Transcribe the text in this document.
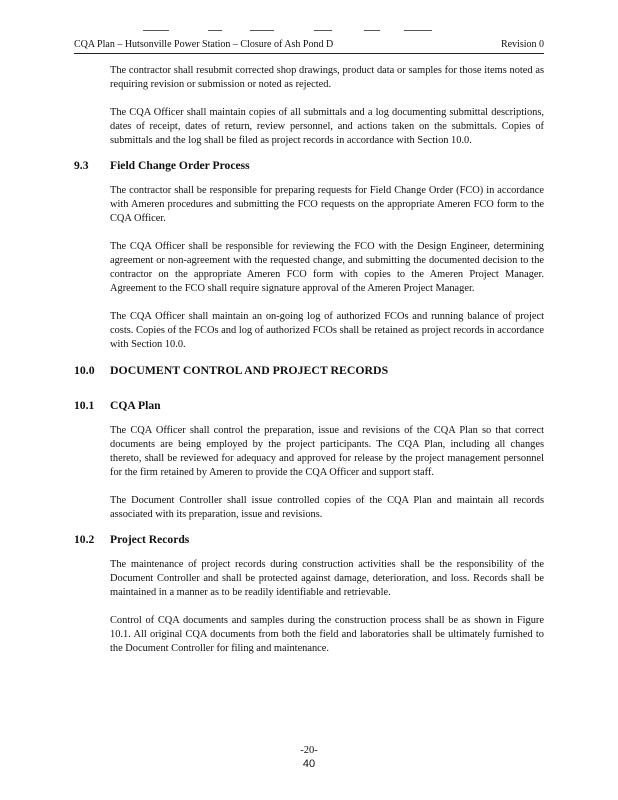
CQA Plan – Hutsonville Power Station – Closure of Ash Pond D	Revision 0

The contractor shall resubmit corrected shop drawings, product data or samples for those items noted as requiring revision or submission or noted as rejected.

The CQA Officer shall maintain copies of all submittals and a log documenting submittal descriptions, dates of receipt, dates of return, review personnel, and actions taken on the submittals. Copies of submittals and the log shall be filed as project records in accordance with Section 10.0.

9.3	Field Change Order Process

The contractor shall be responsible for preparing requests for Field Change Order (FCO) in accordance with Ameren procedures and submitting the FCO requests on the appropriate Ameren FCO form to the CQA Officer.

The CQA Officer shall be responsible for reviewing the FCO with the Design Engineer, determining agreement or non-agreement with the requested change, and submitting the documented decision to the contractor on the appropriate Ameren FCO form with copies to the Ameren Project Manager. Agreement to the FCO shall require signature approval of the Ameren Project Manager.

The CQA Officer shall maintain an on-going log of authorized FCOs and running balance of project costs. Copies of the FCOs and log of authorized FCOs shall be retained as project records in accordance with Section 10.0.

10.0	DOCUMENT CONTROL AND PROJECT RECORDS
10.1	CQA Plan

The CQA Officer shall control the preparation, issue and revisions of the CQA Plan so that correct documents are being employed by the project participants. The CQA Plan, including all changes thereto, shall be reviewed for adequacy and approved for release by the project management personnel for the firm retained by Ameren to provide the CQA Officer and support staff.

The Document Controller shall issue controlled copies of the CQA Plan and maintain all records associated with its preparation, issue and revisions.

10.2	Project Records

The maintenance of project records during construction activities shall be the responsibility of the Document Controller and shall be protected against damage, deterioration, and loss. Records shall be maintained in a manner as to be readily identifiable and retrievable.

Control of CQA documents and samples during the construction process shall be as shown in Figure 10.1. All original CQA documents from both the field and laboratories shall be ultimately furnished to the Document Controller for filing and maintenance.

-20-
40
